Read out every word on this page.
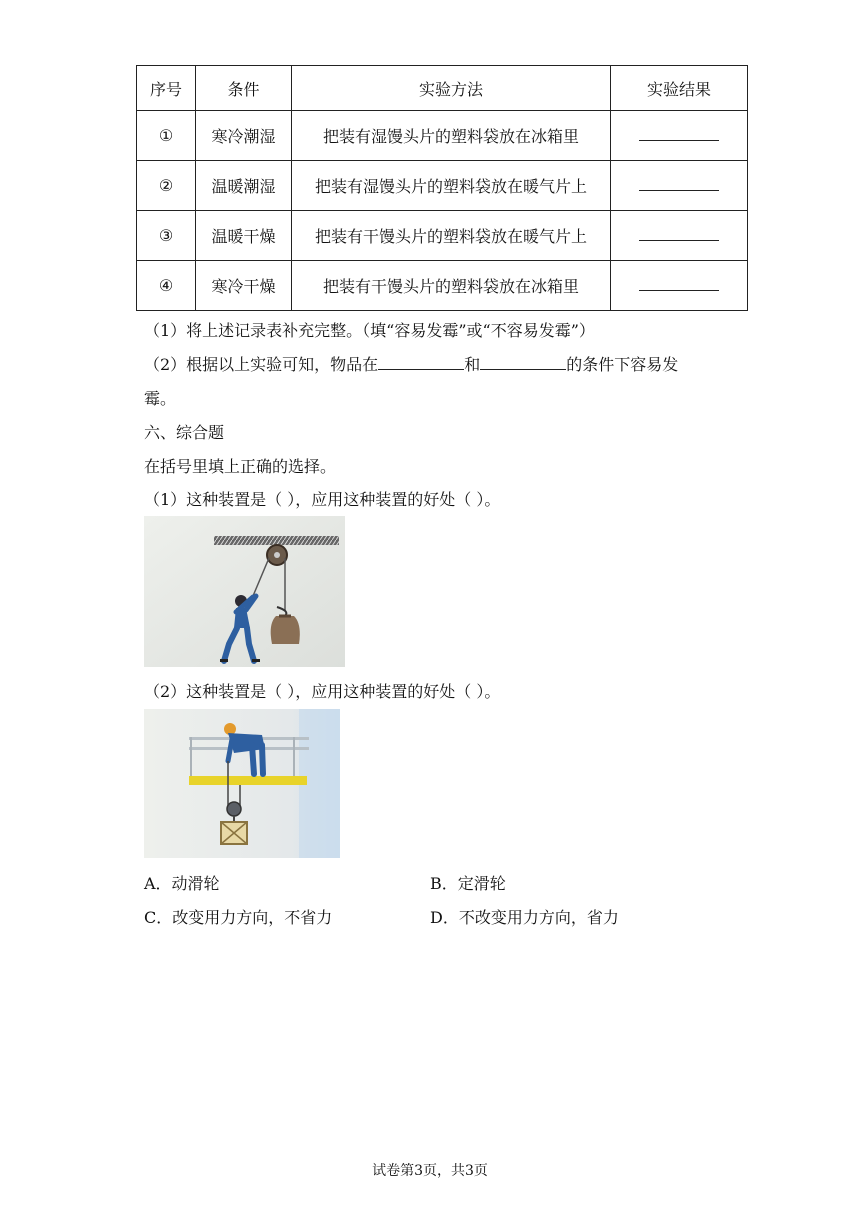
序号	条件	实验方法	实验结果
①	寒冷潮湿	把装有湿馒头片的塑料袋放在冰箱里	
②	温暖潮湿	把装有湿馒头片的塑料袋放在暖气片上	
③	温暖干燥	把装有干馒头片的塑料袋放在暖气片上	
④	寒冷干燥	把装有干馒头片的塑料袋放在冰箱里	
（1）将上述记录表补充完整。（填“容易发霉”或“不容易发霉”）
（2）根据以上实验可知，物品在	和	的条件下容易发
霉。
六、综合题
在括号里填上正确的选择。
（1）这种装置是（ ），应用这种装置的好处（ ）。
（2）这种装置是（ ），应用这种装置的好处（ ）。
A．动滑轮	B．定滑轮
C．改变用力方向，不省力	D．不改变用力方向，省力
试卷第3页，共3页
